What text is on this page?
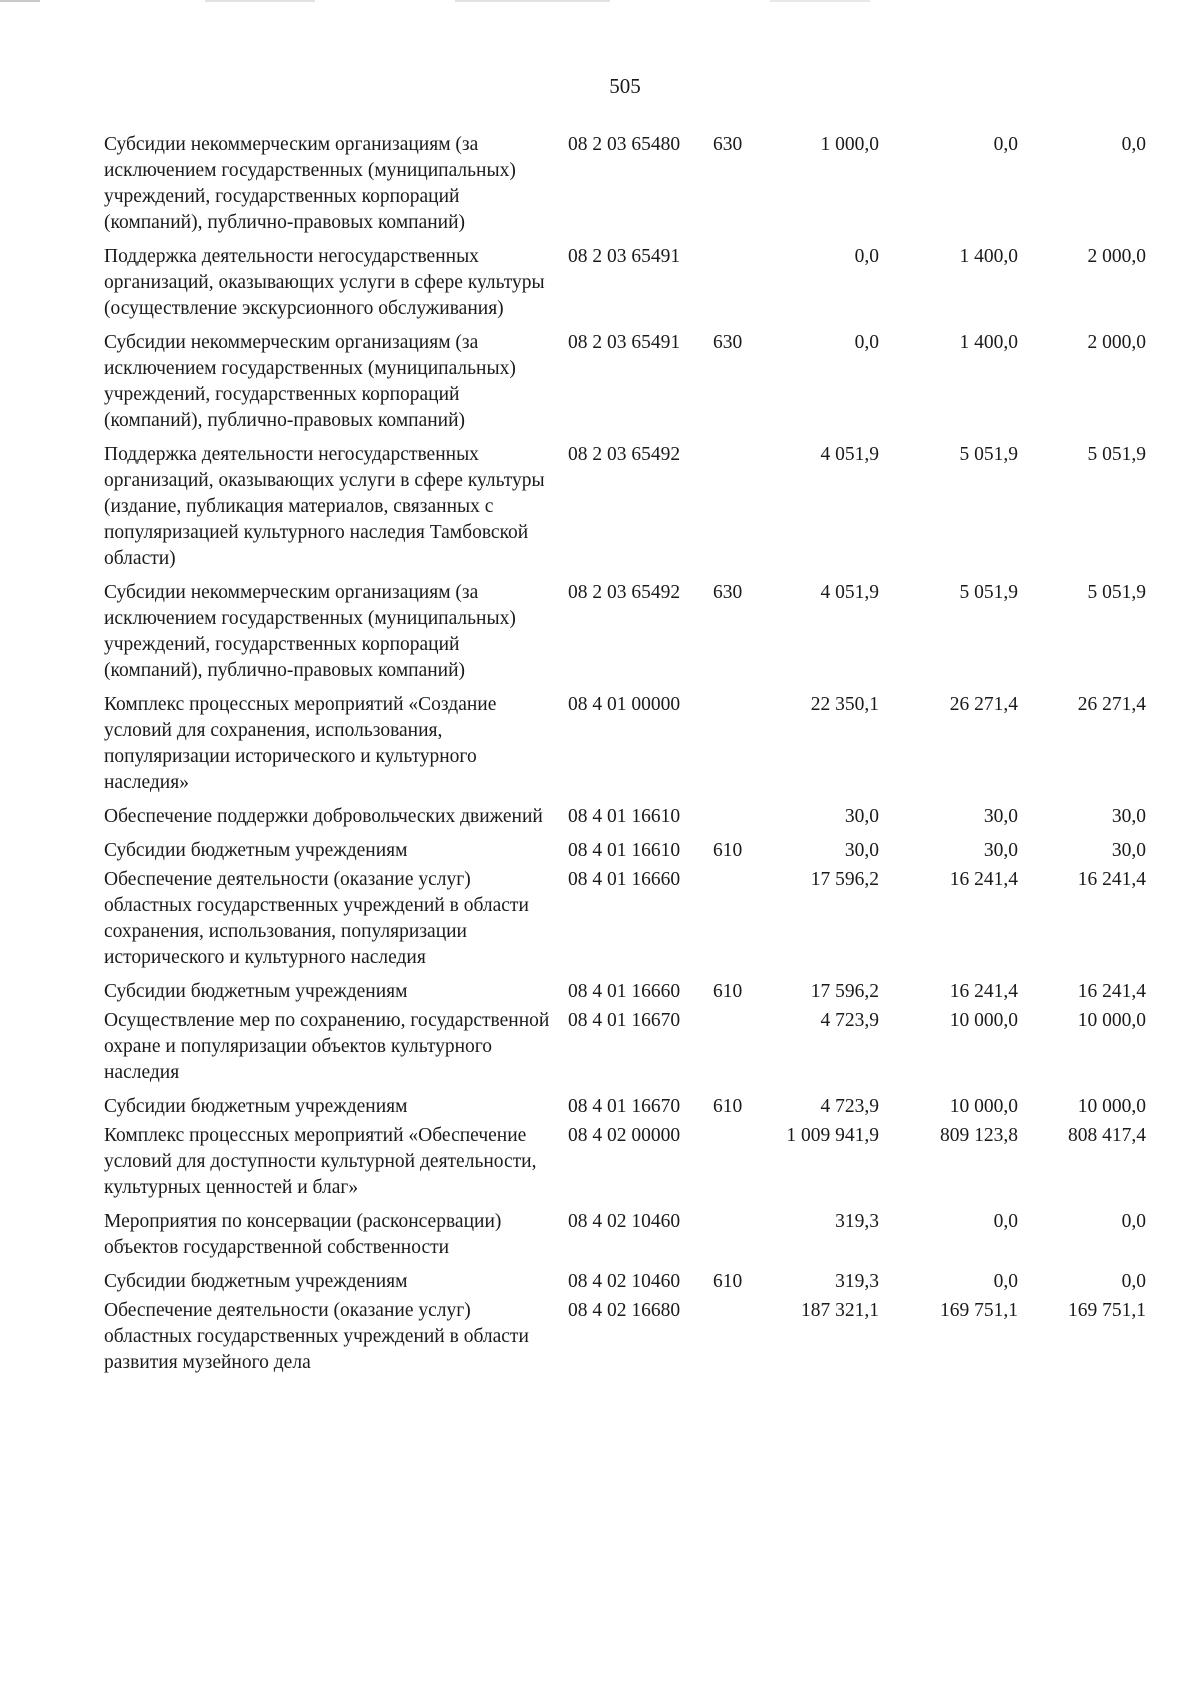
505
Субсидии некоммерческим организациям (за исключением государственных (муниципальных) учреждений, государственных корпораций (компаний), публично-правовых компаний)
08 2 03 65480	630	1 000,0	0,0	0,0
Поддержка деятельности негосударственных организаций, оказывающих услуги в сфере культуры (осуществление экскурсионного обслуживания)
08 2 03 65491	0,0	1 400,0	2 000,0
Субсидии некоммерческим организациям (за исключением государственных (муниципальных) учреждений, государственных корпораций (компаний), публично-правовых компаний)
08 2 03 65491	630	0,0	1 400,0	2 000,0
Поддержка деятельности негосударственных организаций, оказывающих услуги в сфере культуры (издание, публикация материалов, связанных с популяризацией культурного наследия Тамбовской области)
08 2 03 65492	4 051,9	5 051,9	5 051,9
Субсидии некоммерческим организациям (за исключением государственных (муниципальных) учреждений, государственных корпораций (компаний), публично-правовых компаний)
08 2 03 65492	630	4 051,9	5 051,9	5 051,9
Комплекс процессных мероприятий «Создание условий для сохранения, использования, популяризации исторического и культурного наследия»
08 4 01 00000	22 350,1	26 271,4	26 271,4
Обеспечение поддержки добровольческих движений	08 4 01 16610	30,0	30,0	30,0
Субсидии бюджетным учреждениям	08 4 01 16610	610	30,0	30,0	30,0
Обеспечение деятельности (оказание услуг) областных государственных учреждений в области сохранения, использования, популяризации исторического и культурного наследия
08 4 01 16660	17 596,2	16 241,4	16 241,4
Субсидии бюджетным учреждениям	08 4 01 16660	610	17 596,2	16 241,4	16 241,4
Осуществление мер по сохранению, государственной охране и популяризации объектов культурного наследия
08 4 01 16670	4 723,9	10 000,0	10 000,0
Субсидии бюджетным учреждениям	08 4 01 16670	610	4 723,9	10 000,0	10 000,0
Комплекс процессных мероприятий «Обеспечение условий для доступности культурной деятельности, культурных ценностей и благ»
08 4 02 00000	1 009 941,9	809 123,8	808 417,4
Мероприятия по консервации (расконсервации) объектов государственной собственности
08 4 02 10460	319,3	0,0	0,0
Субсидии бюджетным учреждениям	08 4 02 10460	610	319,3	0,0	0,0
Обеспечение деятельности (оказание услуг) областных государственных учреждений в области развития музейного дела
08 4 02 16680	187 321,1	169 751,1	169 751,1
